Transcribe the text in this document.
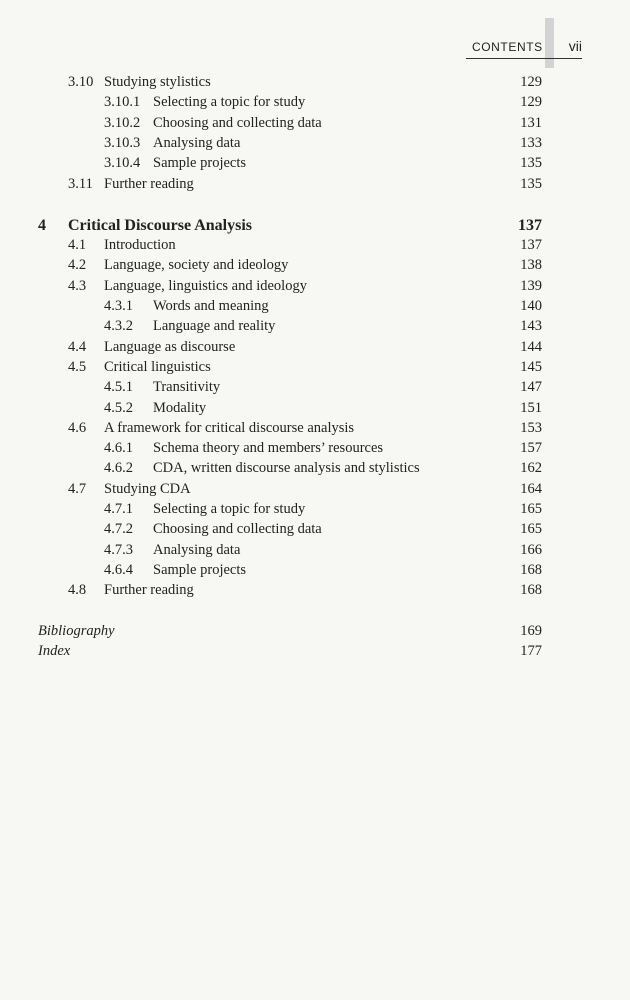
CONTENTS vii
3.10 Studying stylistics	129
3.10.1 Selecting a topic for study	129
3.10.2 Choosing and collecting data	131
3.10.3 Analysing data	133
3.10.4 Sample projects	135
3.11 Further reading	135
4 Critical Discourse Analysis	137
4.1 Introduction	137
4.2 Language, society and ideology	138
4.3 Language, linguistics and ideology	139
4.3.1 Words and meaning	140
4.3.2 Language and reality	143
4.4 Language as discourse	144
4.5 Critical linguistics	145
4.5.1 Transitivity	147
4.5.2 Modality	151
4.6 A framework for critical discourse analysis	153
4.6.1 Schema theory and members’ resources	157
4.6.2 CDA, written discourse analysis and stylistics	162
4.7 Studying CDA	164
4.7.1 Selecting a topic for study	165
4.7.2 Choosing and collecting data	165
4.7.3 Analysing data	166
4.6.4 Sample projects	168
4.8 Further reading	168
Bibliography	169
Index	177
